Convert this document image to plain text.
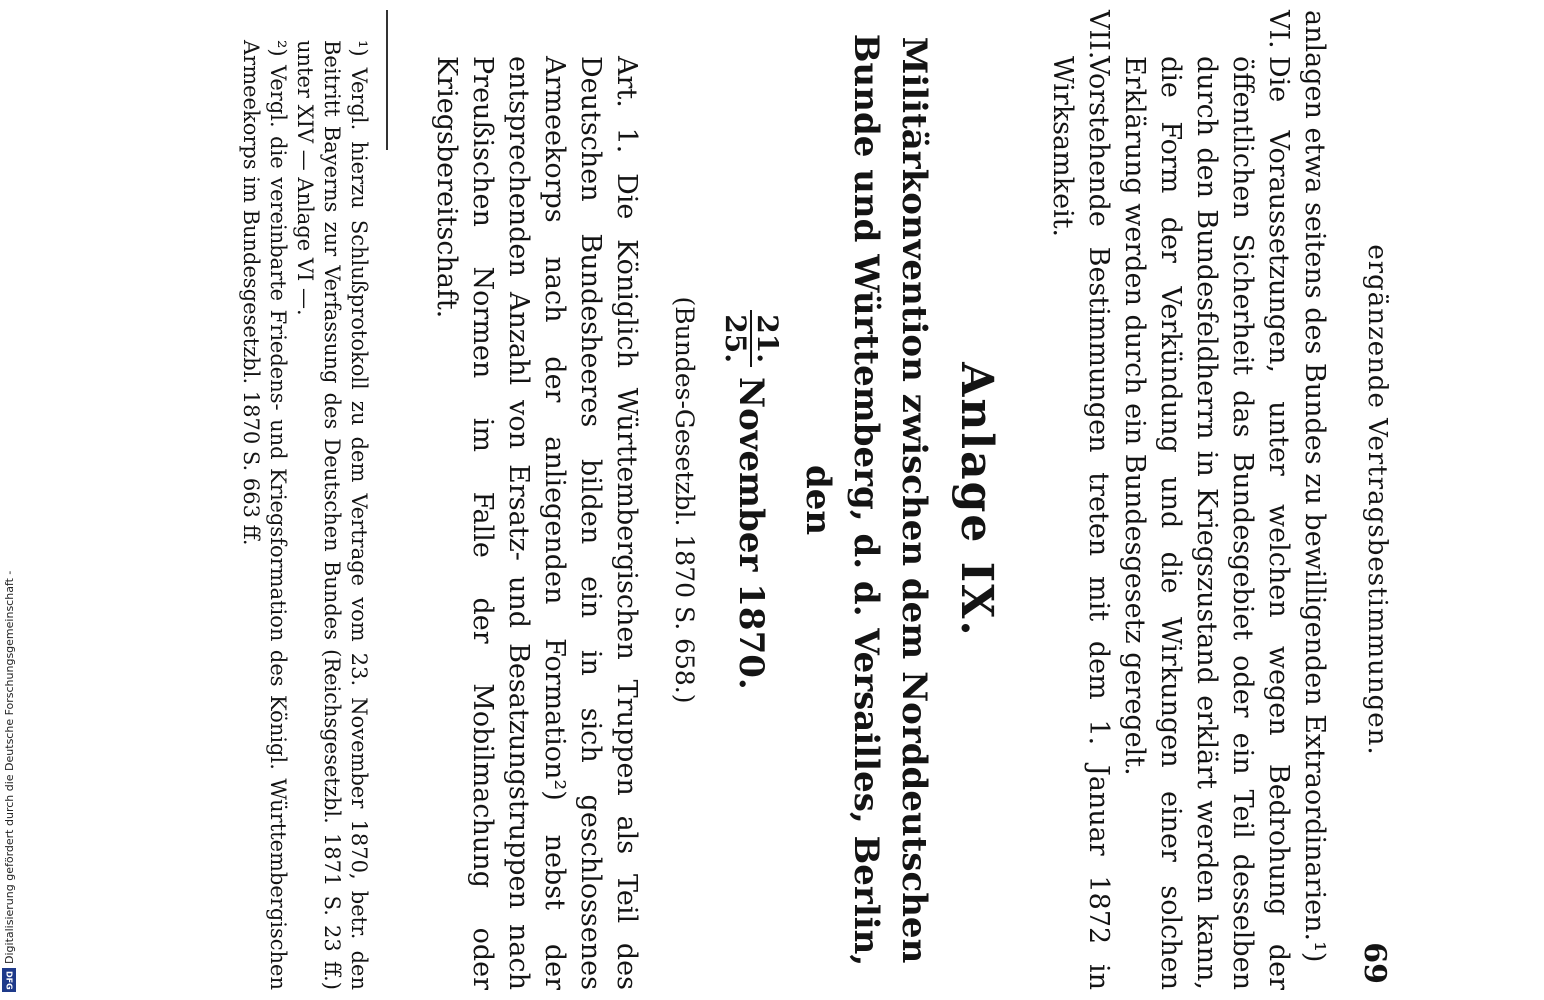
ergänzende Vertragsbestimmungen.
69

anlagen etwa seitens des Bundes zu bewilligenden Extraordinarien.¹)

VI.
Die Voraussetzungen, unter welchen wegen Bedrohung der öffentlichen Sicherheit das Bundesgebiet oder ein Teil desselben durch den Bundesfeldherrn in Kriegszustand erklärt werden kann, die Form der Verkündung und die Wirkungen einer solchen Erklärung werden durch ein Bundesgesetz geregelt.
VII.
Vorstehende Bestimmungen treten mit dem 1. Januar 1872 in Wirksamkeit.
Anlage IX.

Militärkonvention zwischen dem Norddeutschen

Bunde und Württemberg, d. d. Versailles, Berlin, den

21.
25.
November 1870.
(Bundes-Gesetzbl. 1870 S. 658.)

Art. 1. Die Königlich Württembergischen Truppen als Teil des Deutschen Bundesheeres bilden ein in sich geschlossenes Armeekorps nach der anliegenden Formation²) nebst der entsprechenden Anzahl von Ersatz- und Besatzungstruppen nach Preußischen Normen im Falle der Mobilmachung oder Kriegsbereitschaft.

¹) Vergl. hierzu Schlußprotokoll zu dem Vertrage vom 23. November 1870, betr. den Beitritt Bayerns zur Verfassung des Deutschen Bundes (Reichsgesetzbl. 1871 S. 23 ff.) unter XIV — Anlage VI —.

²) Vergl. die vereinbarte Friedens- und Kriegsformation des Königl. Württembergischen Armeekorps im Bundesgesetzbl. 1870 S. 663 ff.

Digitalisierung gefördert durch die Deutsche Forschungsgemeinschaft -
DFG
